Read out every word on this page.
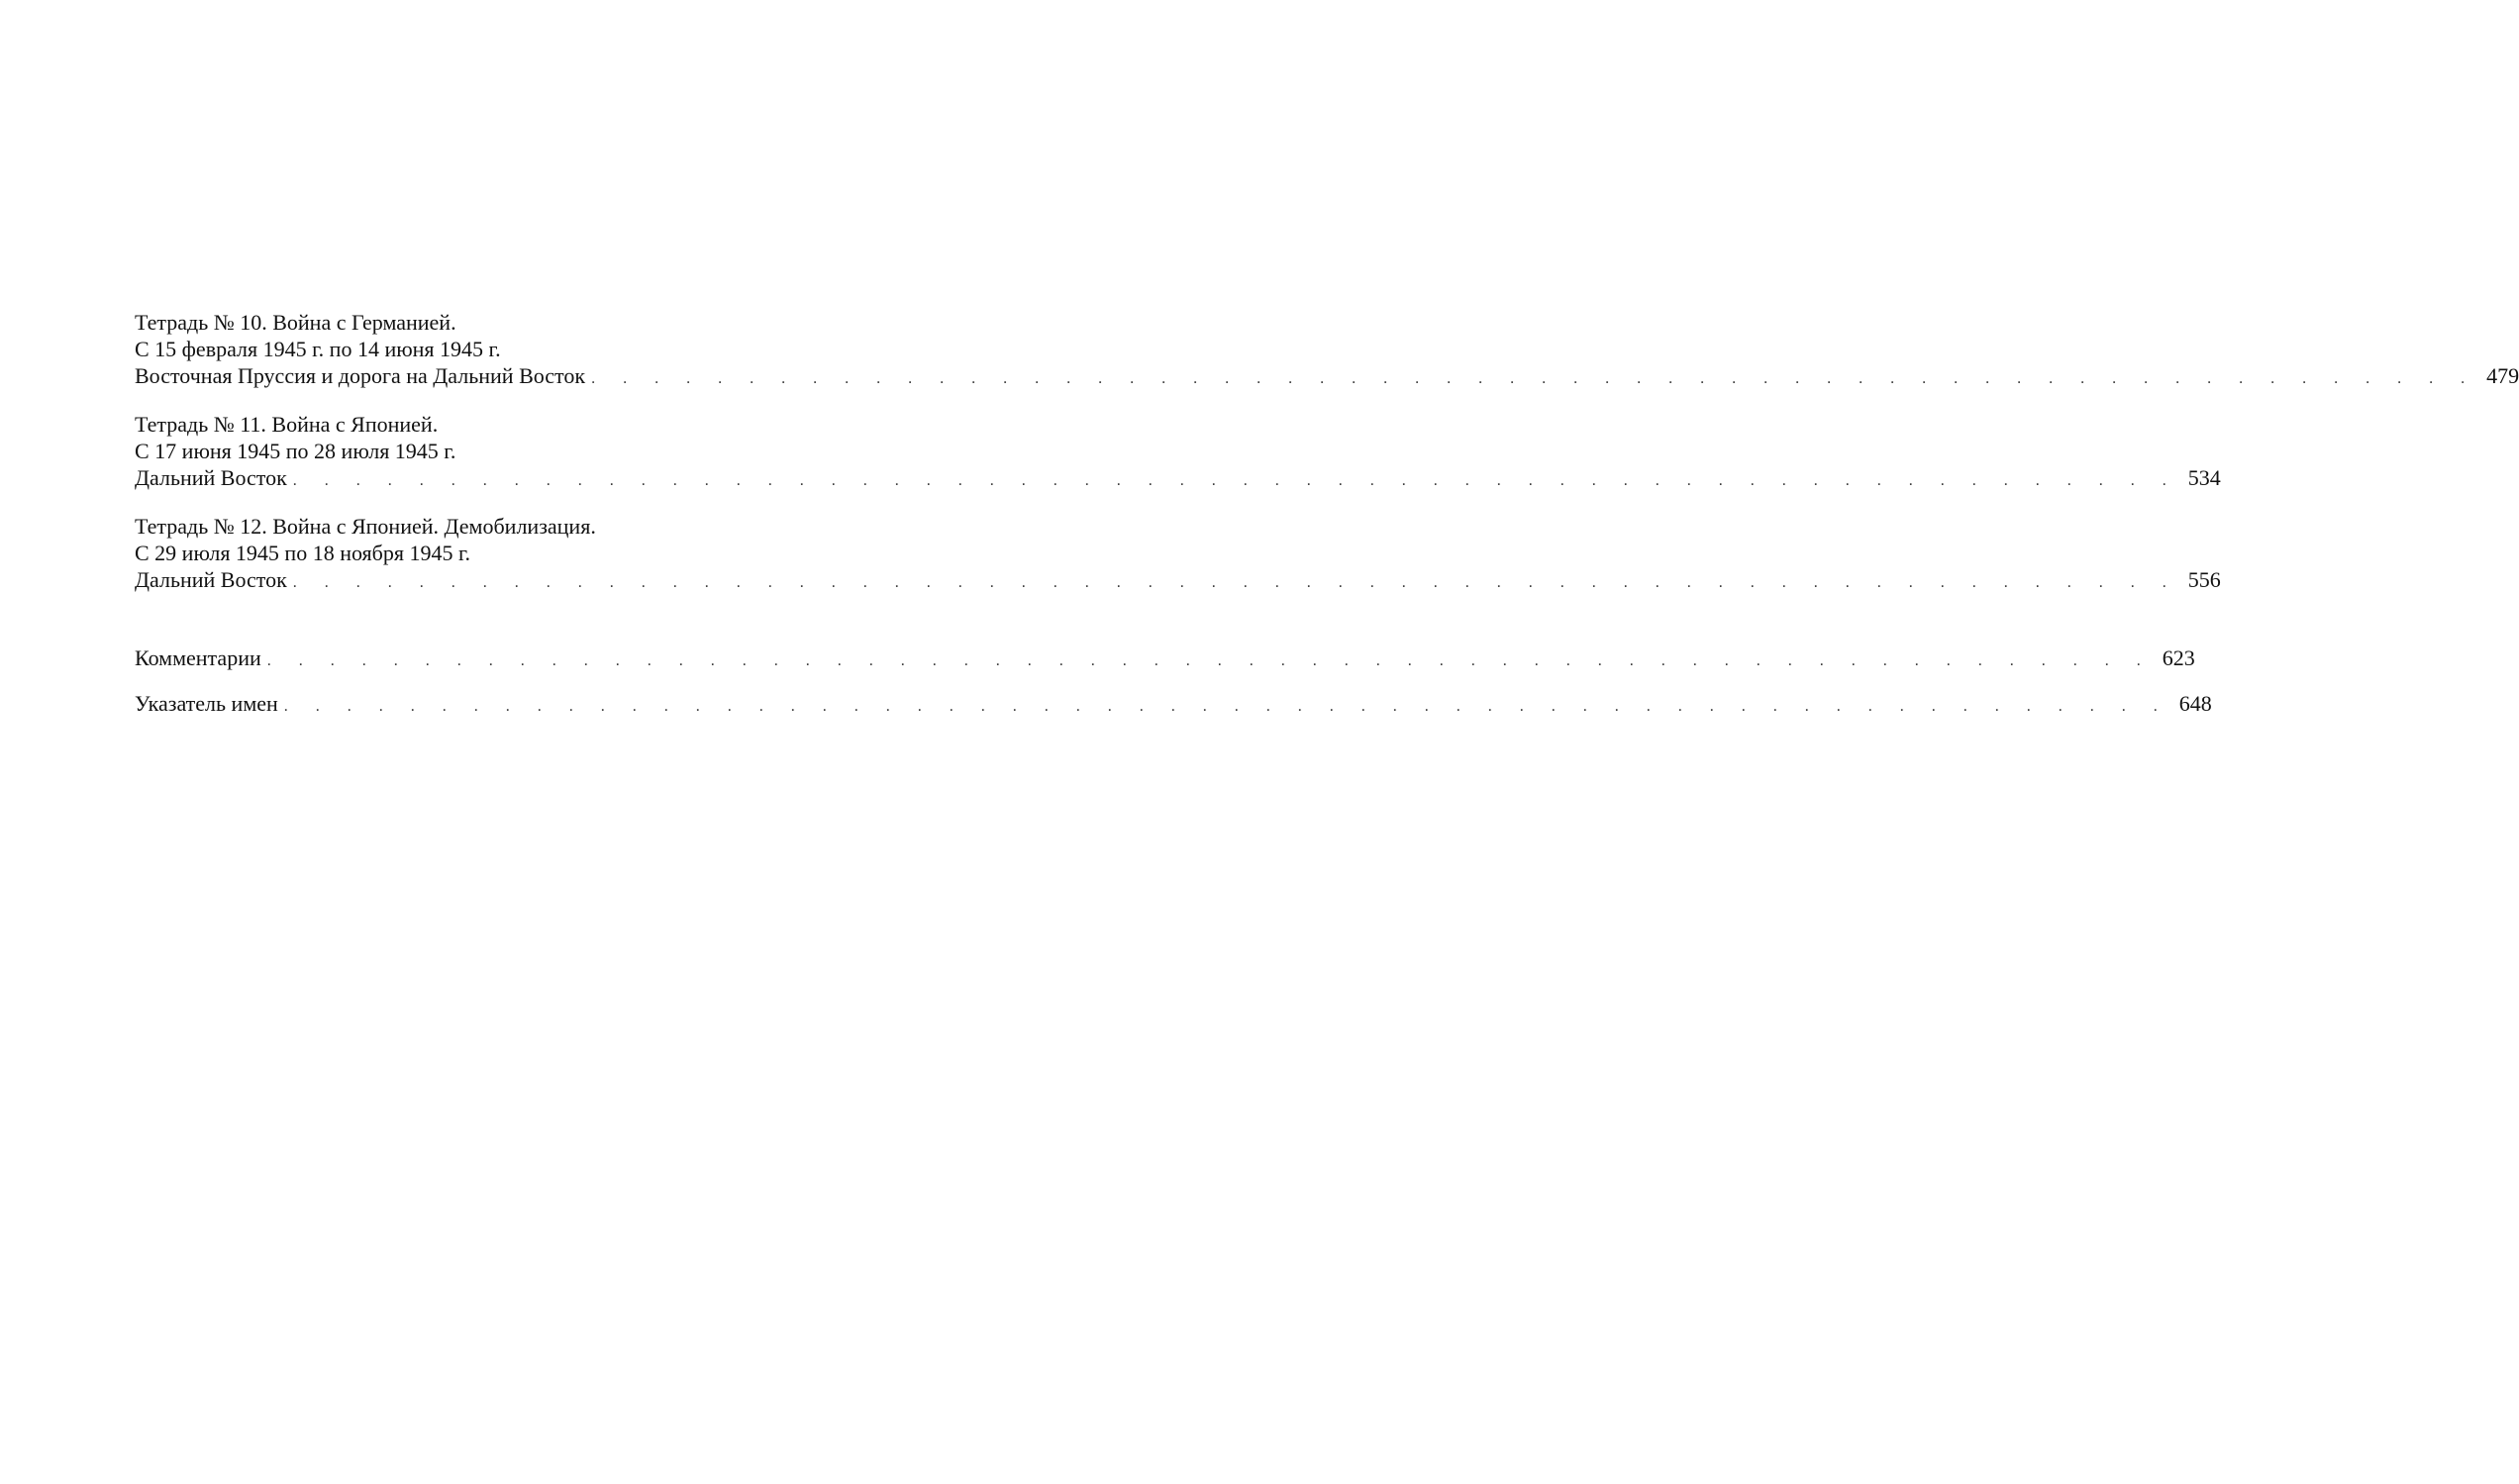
Тетрадь № 10. Война с Германией.
С 15 февраля 1945 г. по 14 июня 1945 г.
Восточная Пруссия и дорога на Дальний Восток . . . . . . . . . . . . . . . . . . . . . . . . . . . . . . . . . . . . . . . . . . . . . . . . . . . . . . . . . . . . 479
Тетрадь № 11. Война с Японией.
С 17 июня 1945 по 28 июля 1945 г.
Дальний Восток . . . . . . . . . . . . . . . . . . . . . . . . . . . . . . . . . . . . . . . . . . . . . . . . . . . . . . . . . . . . 534
Тетрадь № 12. Война с Японией. Демобилизация.
С 29 июля 1945 по 18 ноября 1945 г.
Дальний Восток . . . . . . . . . . . . . . . . . . . . . . . . . . . . . . . . . . . . . . . . . . . . . . . . . . . . . . . . . . . . 556
Комментарии . . . . . . . . . . . . . . . . . . . . . . . . . . . . . . . . . . . . . . . . . . . . . . . . . . . . . . . . . . . . 623
Указатель имен . . . . . . . . . . . . . . . . . . . . . . . . . . . . . . . . . . . . . . . . . . . . . . . . . . . . . . . . . . . . 648
